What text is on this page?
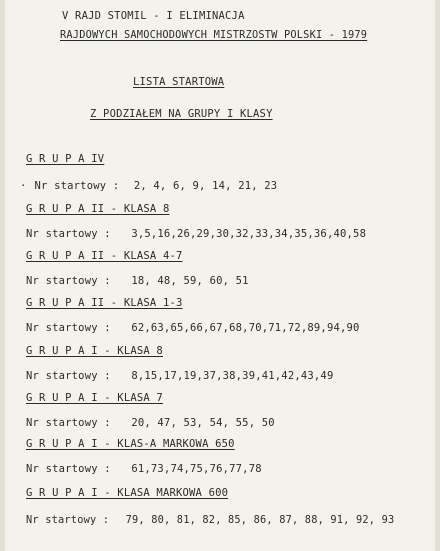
V RAJD STOMIL - I ELIMINACJA
RAJDOWYCH SAMOCHODOWYCH MISTRZOSTW POLSKI - 1979
LISTA STARTOWA
Z PODZIAŁEM NA GRUPY I KLASY
G R U P A IV
· Nr startowy : 2, 4, 6, 9, 14, 21, 23
G R U P A II - KLASA 8
Nr startowy : 3,5,16,26,29,30,32,33,34,35,36,40,58
G R U P A II - KLASA 4-7
Nr startowy : 18, 48, 59, 60, 51
G R U P A II - KLASA 1-3
Nr startowy : 62,63,65,66,67,68,70,71,72,89,94,90
G R U P A I - KLASA 8
Nr startowy : 8,15,17,19,37,38,39,41,42,43,49
G R U P A I - KLASA 7
Nr startowy : 20, 47, 53, 54, 55, 50
G R U P A I - KLAS-A MARKOWA 650
Nr startowy : 61,73,74,75,76,77,78
G R U P A I - KLASA MARKOWA 600
Nr startowy : 79, 80, 81, 82, 85, 86, 87, 88, 91, 92, 93
